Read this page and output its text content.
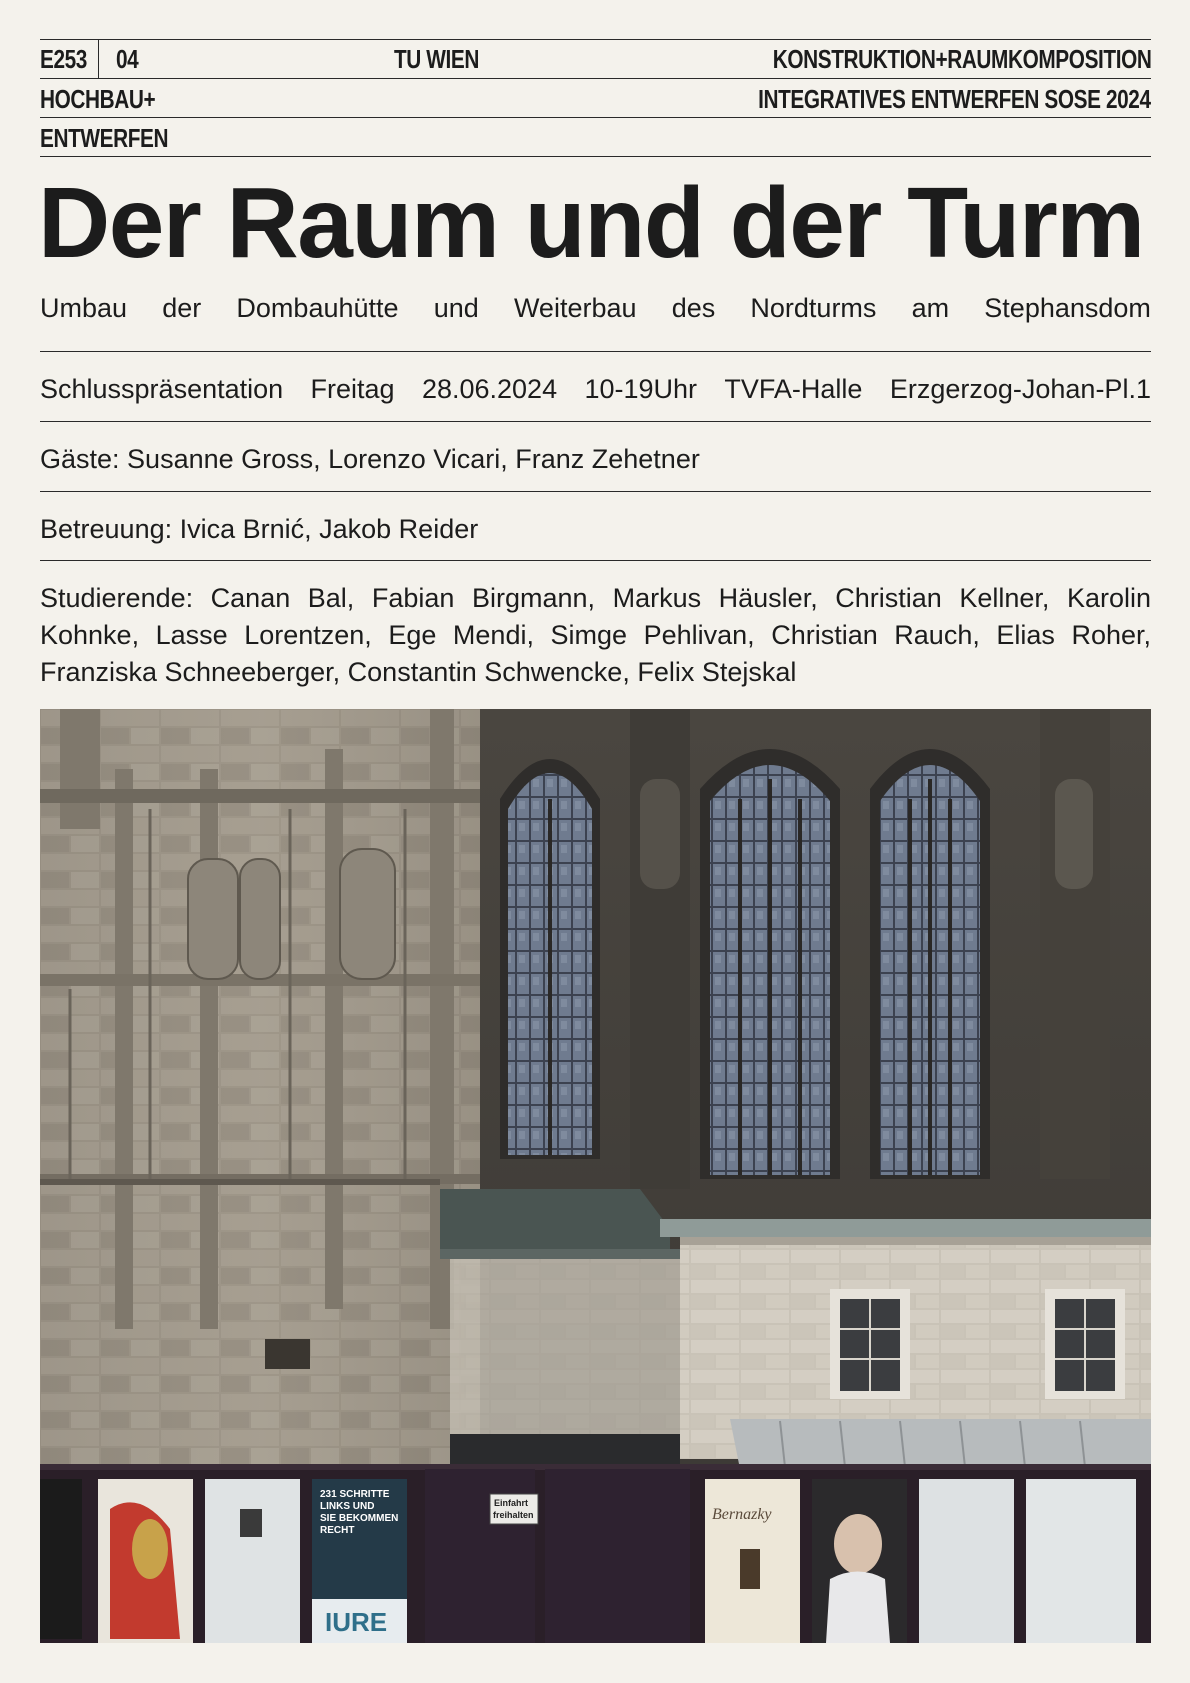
E253 04	TU WIEN	KONSTRUKTION+RAUMKOMPOSITION
HOCHBAU+	INTEGRATIVES ENTWERFEN SOSE 2024
ENTWERFEN
Der Raum und der Turm
Umbau der Dombauhütte und Weiterbau des Nordturms am Stephansdom
Schlusspräsentation Freitag 28.06.2024 10-19Uhr TVFA-Halle Erzgerzog-Johan-Pl.1
Gäste: Susanne Gross, Lorenzo Vicari, Franz Zehetner
Betreuung: Ivica Brnić, Jakob Reider
Studierende: Canan Bal, Fabian Birgmann, Markus Häusler, Christian Kellner, Karolin Kohnke, Lasse Lorentzen, Ege Mendi, Simge Pehlivan, Christian Rauch, Elias Roher, Franziska Schneeberger, Constantin Schwencke, Felix Stejskal
231 SCHRITTE
LINKS UND
SIE BEKOMMEN
RECHT
IURE
Einfahrt
freihalten	Bernazky
